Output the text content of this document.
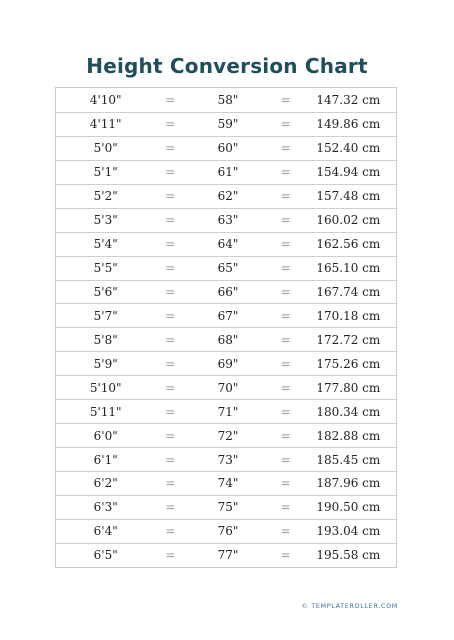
Height Conversion Chart
4'10"	=	58"	=	147.32 cm
4'11"	=	59"	=	149.86 cm
5'0"	=	60"	=	152.40 cm
5'1"	=	61"	=	154.94 cm
5'2"	=	62"	=	157.48 cm
5'3"	=	63"	=	160.02 cm
5'4"	=	64"	=	162.56 cm
5'5"	=	65"	=	165.10 cm
5'6"	=	66"	=	167.74 cm
5'7"	=	67"	=	170.18 cm
5'8"	=	68"	=	172.72 cm
5'9"	=	69"	=	175.26 cm
5'10"	=	70"	=	177.80 cm
5'11"	=	71"	=	180.34 cm
6'0"	=	72"	=	182.88 cm
6'1"	=	73"	=	185.45 cm
6'2"	=	74"	=	187.96 cm
6'3"	=	75"	=	190.50 cm
6'4"	=	76"	=	193.04 cm
6'5"	=	77"	=	195.58 cm
© TEMPLATEROLLER.COM
